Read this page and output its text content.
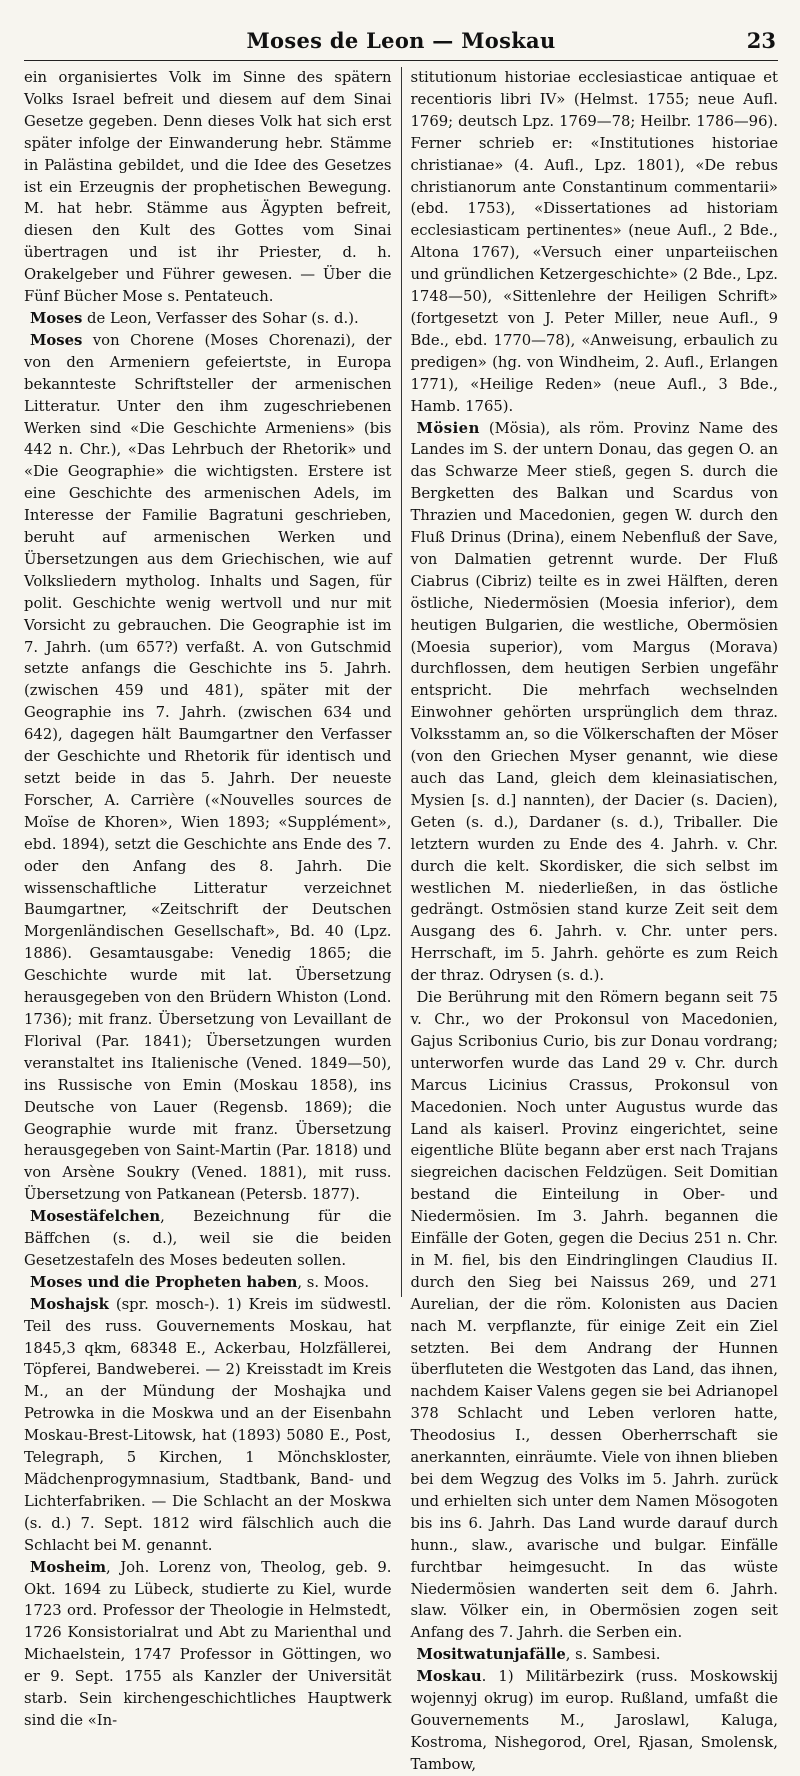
Moses de Leon — Moskau	23

ein organisiertes Volk im Sinne des spätern Volks Israel befreit und diesem auf dem Sinai Gesetze gegeben. Denn dieses Volk hat sich erst später infolge der Einwanderung hebr. Stämme in Palästina gebildet, und die Idee des Gesetzes ist ein Erzeugnis der prophetischen Bewegung. M. hat hebr. Stämme aus Ägypten befreit, diesen den Kult des Gottes vom Sinai übertragen und ist ihr Priester, d. h. Orakelgeber und Führer gewesen. — Über die Fünf Bücher Mose s. Pentateuch.

Moses de Leon, Verfasser des Sohar (s. d.).

Moses von Chorene (Moses Chorenazi), der von den Armeniern gefeiertste, in Europa bekannteste Schriftsteller der armenischen Litteratur. Unter den ihm zugeschriebenen Werken sind «Die Geschichte Armeniens» (bis 442 n. Chr.), «Das Lehrbuch der Rhetorik» und «Die Geographie» die wichtigsten. Erstere ist eine Geschichte des armenischen Adels, im Interesse der Familie Bagratuni geschrieben, beruht auf armenischen Werken und Übersetzungen aus dem Griechischen, wie auf Volksliedern mytholog. Inhalts und Sagen, für polit. Geschichte wenig wertvoll und nur mit Vorsicht zu gebrauchen. Die Geographie ist im 7. Jahrh. (um 657?) verfaßt. A. von Gutschmid setzte anfangs die Geschichte ins 5. Jahrh. (zwischen 459 und 481), später mit der Geographie ins 7. Jahrh. (zwischen 634 und 642), dagegen hält Baumgartner den Verfasser der Geschichte und Rhetorik für identisch und setzt beide in das 5. Jahrh. Der neueste Forscher, A. Carrière («Nouvelles sources de Moïse de Khoren», Wien 1893; «Supplément», ebd. 1894), setzt die Geschichte ans Ende des 7. oder den Anfang des 8. Jahrh. Die wissenschaftliche Litteratur verzeichnet Baumgartner, «Zeitschrift der Deutschen Morgenländischen Gesellschaft», Bd. 40 (Lpz. 1886). Gesamtausgabe: Venedig 1865; die Geschichte wurde mit lat. Übersetzung herausgegeben von den Brüdern Whiston (Lond. 1736); mit franz. Übersetzung von Levaillant de Florival (Par. 1841); Übersetzungen wurden veranstaltet ins Italienische (Vened. 1849—50), ins Russische von Emin (Moskau 1858), ins Deutsche von Lauer (Regensb. 1869); die Geographie wurde mit franz. Übersetzung herausgegeben von Saint-Martin (Par. 1818) und von Arsène Soukry (Vened. 1881), mit russ. Übersetzung von Patkanean (Petersb. 1877).

Mosestäfelchen, Bezeichnung für die Bäffchen (s. d.), weil sie die beiden Gesetzestafeln des Moses bedeuten sollen.

Moses und die Propheten haben, s. Moos.

Moshajsk (spr. mosch-). 1) Kreis im südwestl. Teil des russ. Gouvernements Moskau, hat 1845,3 qkm, 68348 E., Ackerbau, Holzfällerei, Töpferei, Bandweberei. — 2) Kreisstadt im Kreis M., an der Mündung der Moshajka und Petrowka in die Moskwa und an der Eisenbahn Moskau-Brest-Litowsk, hat (1893) 5080 E., Post, Telegraph, 5 Kirchen, 1 Mönchskloster, Mädchenprogymnasium, Stadtbank, Band- und Lichterfabriken. — Die Schlacht an der Moskwa (s. d.) 7. Sept. 1812 wird fälschlich auch die Schlacht bei M. genannt.

Mosheim, Joh. Lorenz von, Theolog, geb. 9. Okt. 1694 zu Lübeck, studierte zu Kiel, wurde 1723 ord. Professor der Theologie in Helmstedt, 1726 Konsistorialrat und Abt zu Marienthal und Michaelstein, 1747 Professor in Göttingen, wo er 9. Sept. 1755 als Kanzler der Universität starb. Sein kirchengeschichtliches Hauptwerk sind die «In-

stitutionum historiae ecclesiasticae antiquae et recentioris libri IV» (Helmst. 1755; neue Aufl. 1769; deutsch Lpz. 1769—78; Heilbr. 1786—96). Ferner schrieb er: «Institutiones historiae christianae» (4. Aufl., Lpz. 1801), «De rebus christianorum ante Constantinum commentarii» (ebd. 1753), «Dissertationes ad historiam ecclesiasticam pertinentes» (neue Aufl., 2 Bde., Altona 1767), «Versuch einer unparteiischen und gründlichen Ketzergeschichte» (2 Bde., Lpz. 1748—50), «Sittenlehre der Heiligen Schrift» (fortgesetzt von J. Peter Miller, neue Aufl., 9 Bde., ebd. 1770—78), «Anweisung, erbaulich zu predigen» (hg. von Windheim, 2. Aufl., Erlangen 1771), «Heilige Reden» (neue Aufl., 3 Bde., Hamb. 1765).

Mösien (Mösia), als röm. Provinz Name des Landes im S. der untern Donau, das gegen O. an das Schwarze Meer stieß, gegen S. durch die Bergketten des Balkan und Scardus von Thrazien und Macedonien, gegen W. durch den Fluß Drinus (Drina), einem Nebenfluß der Save, von Dalmatien getrennt wurde. Der Fluß Ciabrus (Cibriz) teilte es in zwei Hälften, deren östliche, Niedermösien (Moesia inferior), dem heutigen Bulgarien, die westliche, Obermösien (Moesia superior), vom Margus (Morava) durchflossen, dem heutigen Serbien ungefähr entspricht. Die mehrfach wechselnden Einwohner gehörten ursprünglich dem thraz. Volksstamm an, so die Völkerschaften der Möser (von den Griechen Myser genannt, wie diese auch das Land, gleich dem kleinasiatischen, Mysien [s. d.] nannten), der Dacier (s. Dacien), Geten (s. d.), Dardaner (s. d.), Triballer. Die letztern wurden zu Ende des 4. Jahrh. v. Chr. durch die kelt. Skordisker, die sich selbst im westlichen M. niederließen, in das östliche gedrängt. Ostmösien stand kurze Zeit seit dem Ausgang des 6. Jahrh. v. Chr. unter pers. Herrschaft, im 5. Jahrh. gehörte es zum Reich der thraz. Odrysen (s. d.).

Die Berührung mit den Römern begann seit 75 v. Chr., wo der Prokonsul von Macedonien, Gajus Scribonius Curio, bis zur Donau vordrang; unterworfen wurde das Land 29 v. Chr. durch Marcus Licinius Crassus, Prokonsul von Macedonien. Noch unter Augustus wurde das Land als kaiserl. Provinz eingerichtet, seine eigentliche Blüte begann aber erst nach Trajans siegreichen dacischen Feldzügen. Seit Domitian bestand die Einteilung in Ober- und Niedermösien. Im 3. Jahrh. begannen die Einfälle der Goten, gegen die Decius 251 n. Chr. in M. fiel, bis den Eindringlingen Claudius II. durch den Sieg bei Naissus 269, und 271 Aurelian, der die röm. Kolonisten aus Dacien nach M. verpflanzte, für einige Zeit ein Ziel setzten. Bei dem Andrang der Hunnen überfluteten die Westgoten das Land, das ihnen, nachdem Kaiser Valens gegen sie bei Adrianopel 378 Schlacht und Leben verloren hatte, Theodosius I., dessen Oberherrschaft sie anerkannten, einräumte. Viele von ihnen blieben bei dem Wegzug des Volks im 5. Jahrh. zurück und erhielten sich unter dem Namen Mösogoten bis ins 6. Jahrh. Das Land wurde darauf durch hunn., slaw., avarische und bulgar. Einfälle furchtbar heimgesucht. In das wüste Niedermösien wanderten seit dem 6. Jahrh. slaw. Völker ein, in Obermösien zogen seit Anfang des 7. Jahrh. die Serben ein.

Mositwatunjafälle, s. Sambesi.

Moskau. 1) Militärbezirk (russ. Moskowskij wojennyj okrug) im europ. Rußland, umfaßt die Gouvernements M., Jaroslawl, Kaluga, Kostroma, Nishegorod, Orel, Rjasan, Smolensk, Tambow,
